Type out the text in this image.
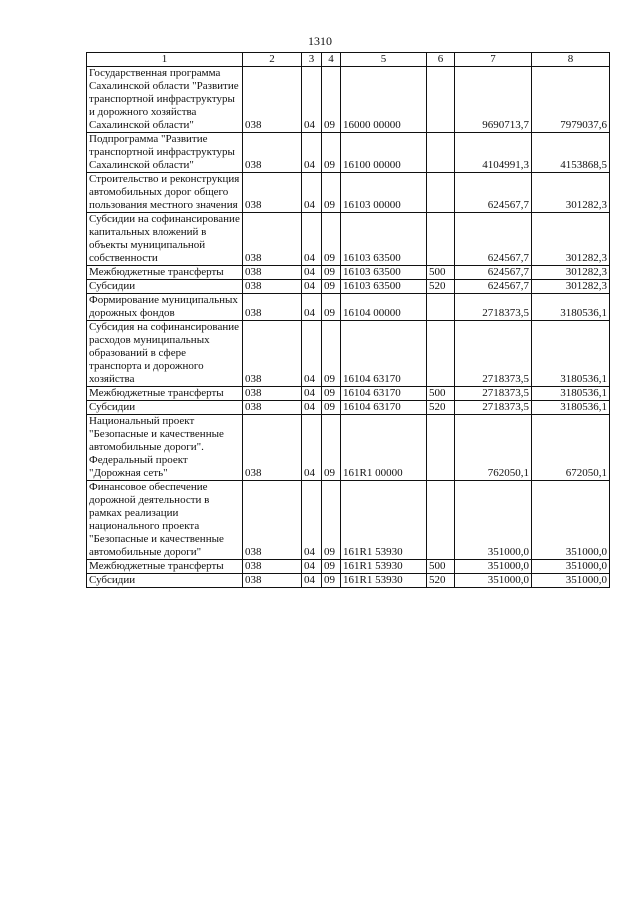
1310
1	2	3	4	5	6	7	8
Государственная программа Сахалинской области "Развитие транспортной инфраструктуры и дорожного хозяйства Сахалинской области"	038	04	09	16000 00000		9690713,7	7979037,6
Подпрограмма "Развитие транспортной инфраструктуры Сахалинской области"	038	04	09	16100 00000		4104991,3	4153868,5
Строительство и реконструкция автомобильных дорог общего пользования местного значения	038	04	09	16103 00000		624567,7	301282,3
Субсидии на софинансирование капитальных вложений в объекты муниципальной собственности	038	04	09	16103 63500		624567,7	301282,3
Межбюджетные трансферты	038	04	09	16103 63500	500	624567,7	301282,3
Субсидии	038	04	09	16103 63500	520	624567,7	301282,3
Формирование муниципальных дорожных фондов	038	04	09	16104 00000		2718373,5	3180536,1
Субсидия на софинансирование расходов муниципальных образований в сфере транспорта и дорожного хозяйства	038	04	09	16104 63170		2718373,5	3180536,1
Межбюджетные трансферты	038	04	09	16104 63170	500	2718373,5	3180536,1
Субсидии	038	04	09	16104 63170	520	2718373,5	3180536,1
Национальный проект "Безопасные и качественные автомобильные дороги". Федеральный проект "Дорожная сеть"	038	04	09	161R1 00000		762050,1	672050,1
Финансовое обеспечение дорожной деятельности в рамках реализации национального проекта "Безопасные и качественные автомобильные дороги"	038	04	09	161R1 53930		351000,0	351000,0
Межбюджетные трансферты	038	04	09	161R1 53930	500	351000,0	351000,0
Субсидии	038	04	09	161R1 53930	520	351000,0	351000,0
